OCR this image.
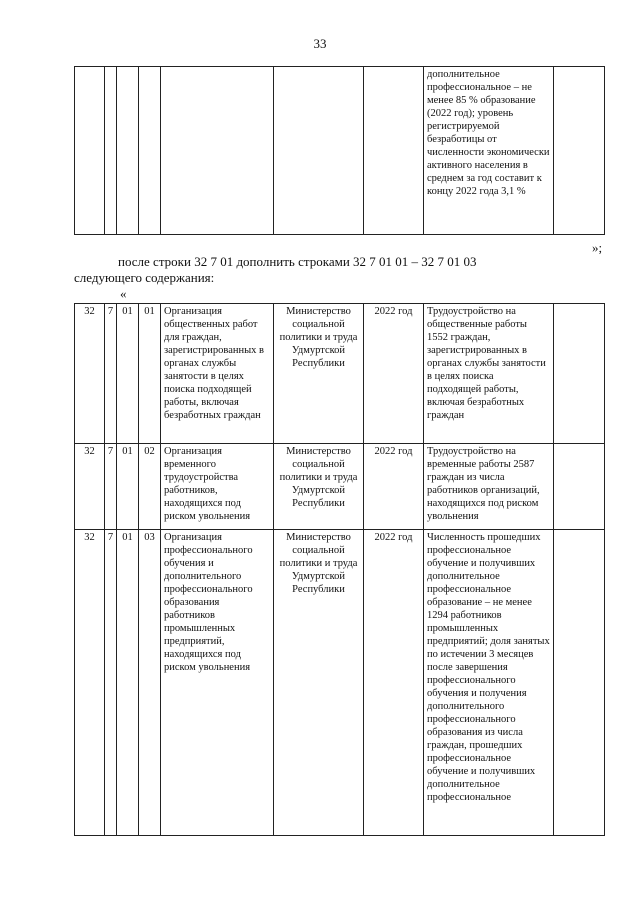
33
							дополнительное профессиональное – не менее 85 % образование (2022 год); уровень регистрируемой безработицы от численности экономически активного населения в среднем за год составит к концу 2022 года 3,1 %	
»;
после строки 32 7 01 дополнить строками 32 7 01 01 – 32 7 01 03
следующего содержания:
«
32	7	01	01	Организация общественных работ для граждан, зарегистрированных в органах службы занятости в целях поиска подходящей работы, включая безработных граждан	Министерство социальной политики и труда Удмуртской Республики	2022 год	Трудоустройство на общественные работы 1552 граждан, зарегистрированных в органах службы занятости в целях поиска подходящей работы, включая безработных граждан	
32	7	01	02	Организация временного трудоустройства работников, находящихся под риском увольнения	Министерство социальной политики и труда Удмуртской Республики	2022 год	Трудоустройство на временные работы 2587 граждан из числа работников организаций, находящихся под риском увольнения	
32	7	01	03	Организация профессионального обучения и дополнительного профессионального образования работников промышленных предприятий, находящихся под риском увольнения	Министерство социальной политики и труда Удмуртской Республики	2022 год	Численность прошедших профессиональное обучение и получивших дополнительное профессиональное образование – не менее 1294 работников промышленных предприятий; доля занятых по истечении 3 месяцев после завершения профессионального обучения и получения дополнительного профессионального образования из числа граждан, прошедших профессиональное обучение и получивших дополнительное профессиональное	
